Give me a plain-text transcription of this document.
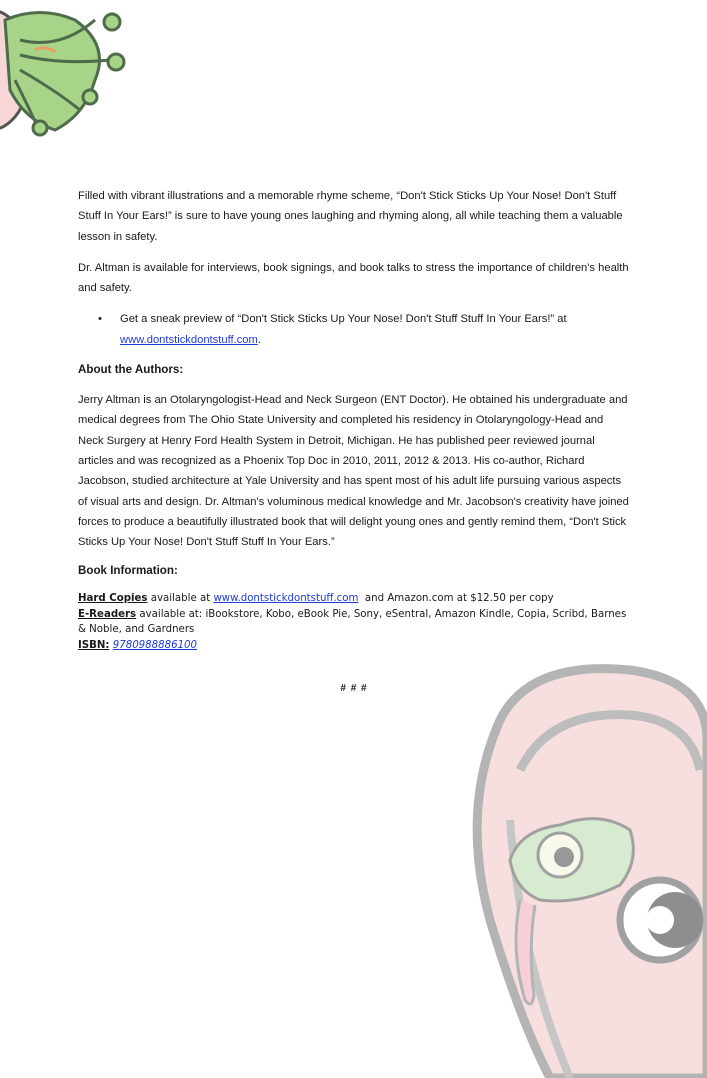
Filled with vibrant illustrations and a memorable rhyme scheme, “Don't Stick Sticks Up Your Nose! Don't Stuff Stuff In Your Ears!” is sure to have young ones laughing and rhyming along, all while teaching them a valuable lesson in safety.

Dr. Altman is available for interviews, book signings, and book talks to stress the importance of children's health and safety.

• Get a sneak preview of “Don't Stick Sticks Up Your Nose! Don't Stuff Stuff In Your Ears!” at www.dontstickdontstuff.com.
About the Authors:

Jerry Altman is an Otolaryngologist-Head and Neck Surgeon (ENT Doctor). He obtained his undergraduate and medical degrees from The Ohio State University and completed his residency in Otolaryngology-Head and Neck Surgery at Henry Ford Health System in Detroit, Michigan. He has published peer reviewed journal articles and was recognized as a Phoenix Top Doc in 2010, 2011, 2012 & 2013. His co-author, Richard Jacobson, studied architecture at Yale University and has spent most of his adult life pursuing various aspects of visual arts and design. Dr. Altman's voluminous medical knowledge and Mr. Jacobson's creativity have joined forces to produce a beautifully illustrated book that will delight young ones and gently remind them, “Don't Stick Sticks Up Your Nose! Don't Stuff Stuff In Your Ears.”

Book Information:
Hard Copies available at www.dontstickdontstuff.com  and Amazon.com at $12.50 per copy
E-Readers available at: iBookstore, Kobo, eBook Pie, Sony, eSentral, Amazon Kindle, Copia, Scribd, Barnes & Noble, and Gardners
ISBN: 9780988886100
# # #
